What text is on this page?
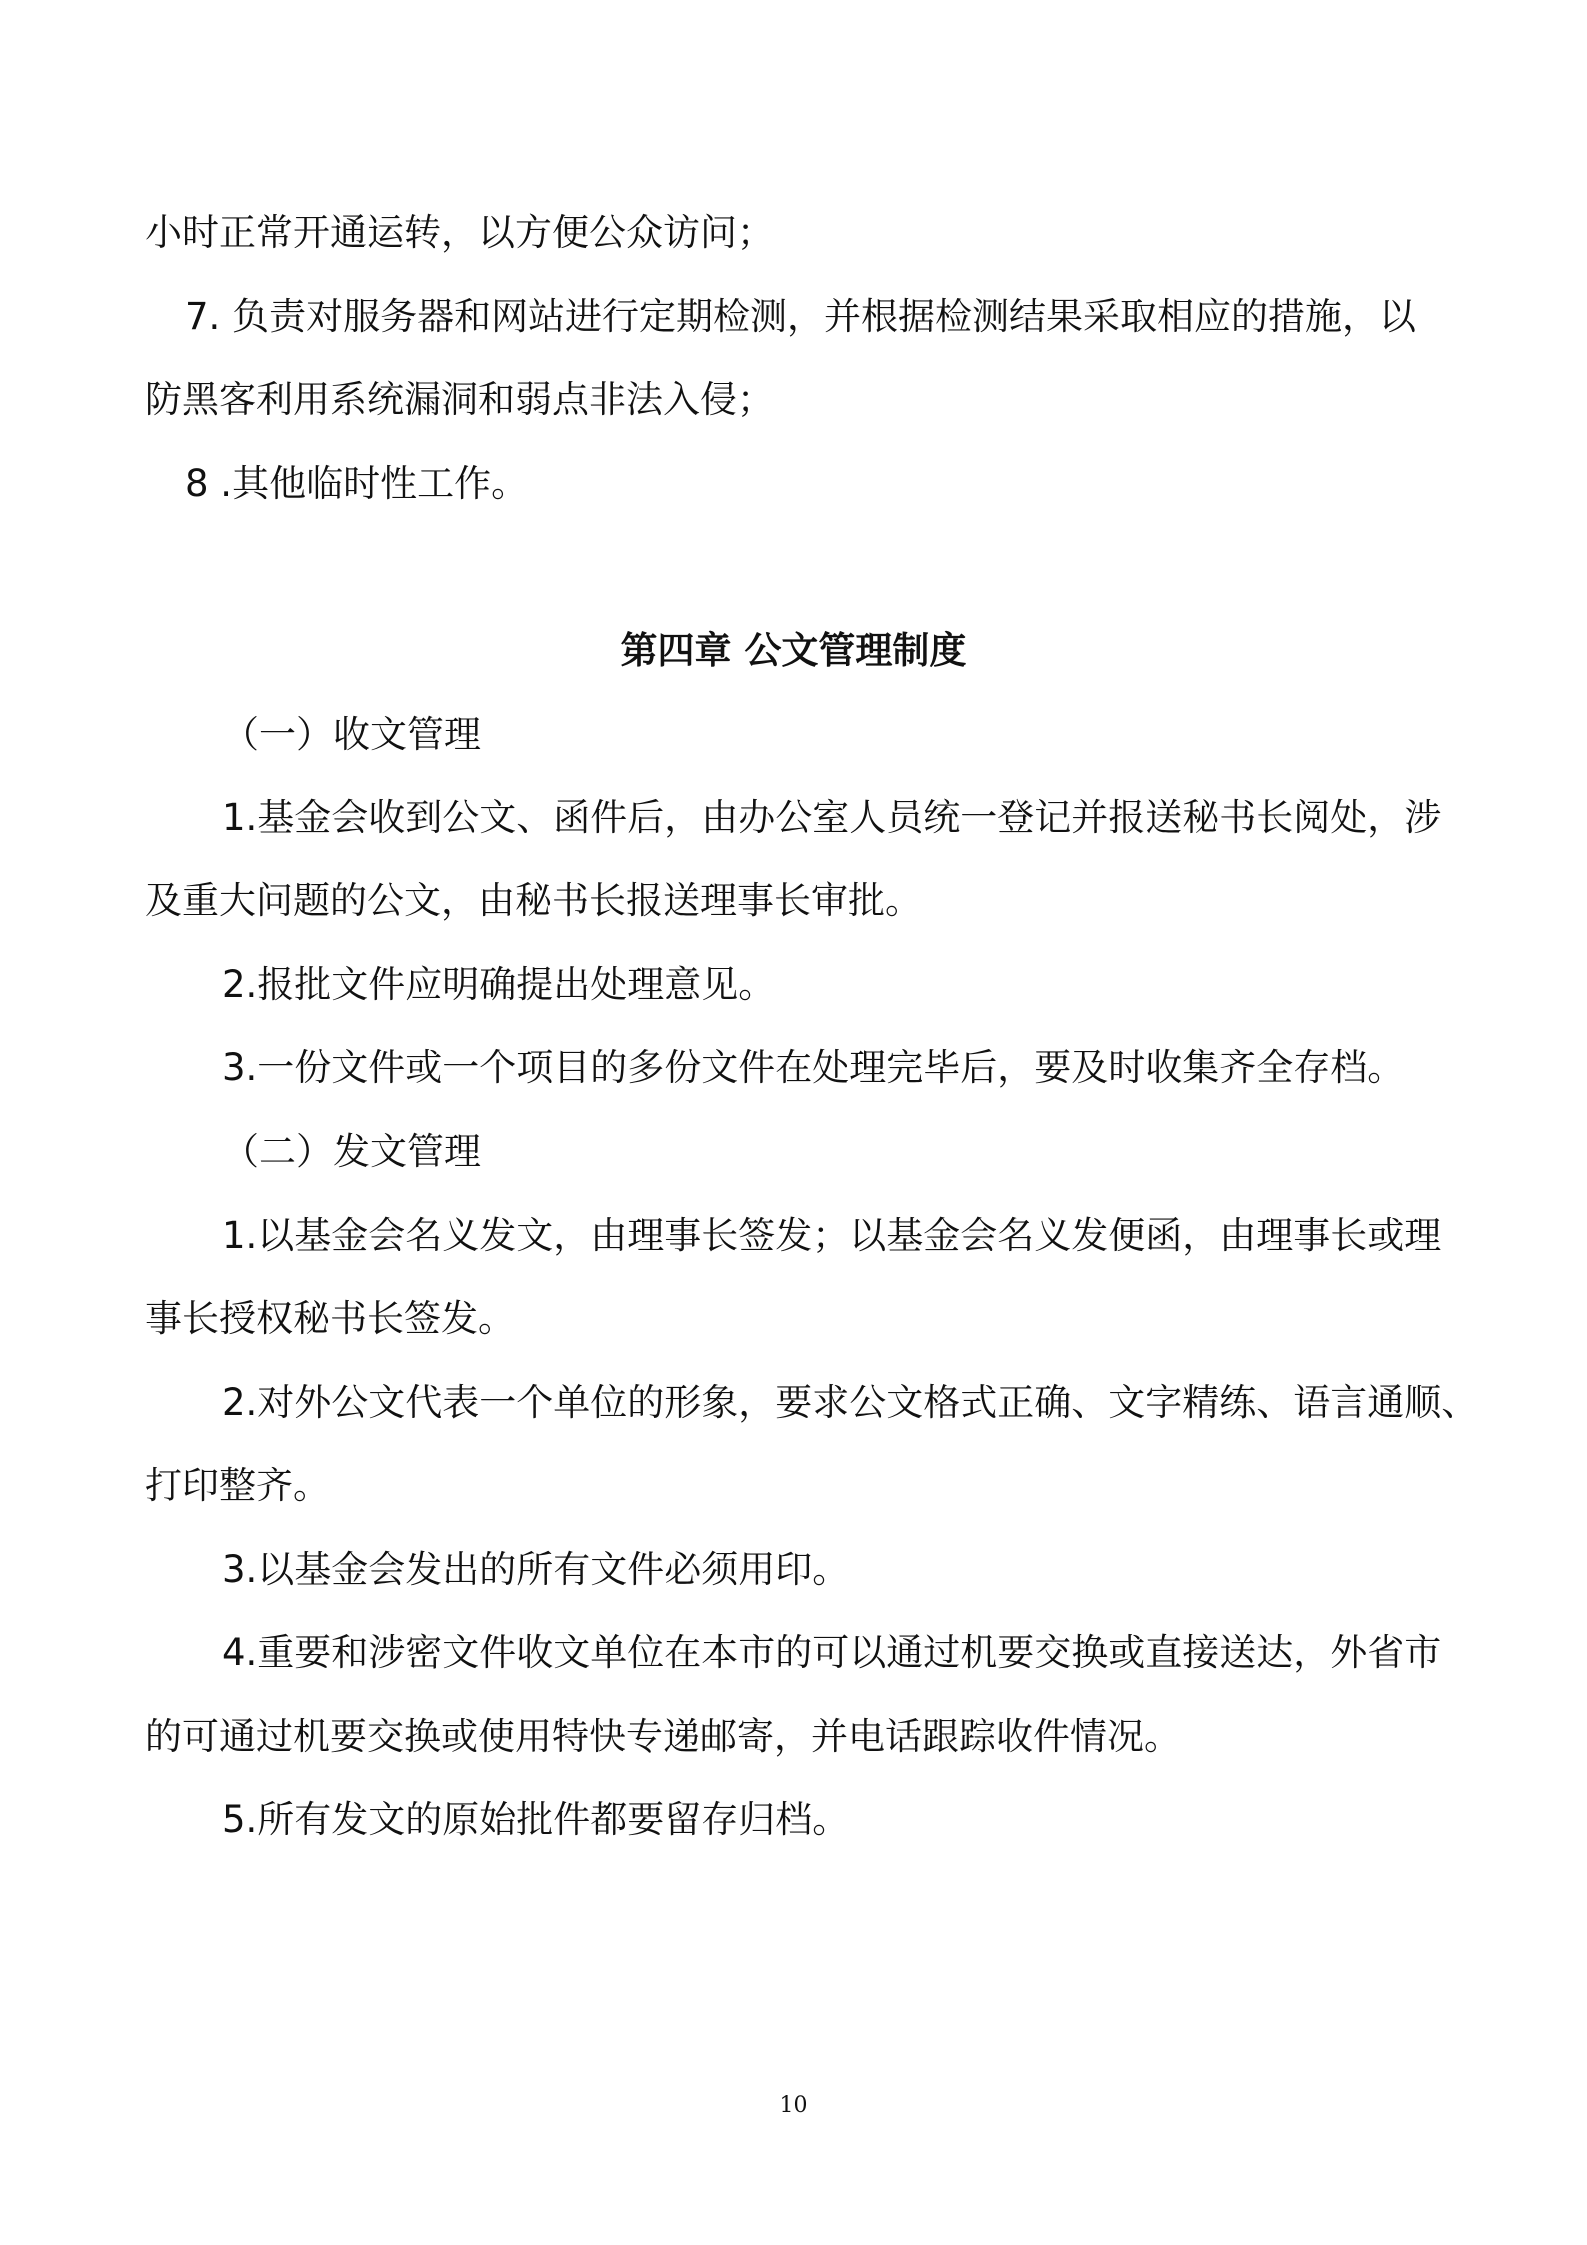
小时正常开通运转，以方便公众访问；
7. 负责对服务器和网站进行定期检测，并根据检测结果采取相应的措施，以
防黑客利用系统漏洞和弱点非法入侵；
8 .其他临时性工作。
第四章 公文管理制度
（一）收文管理
1.基金会收到公文、函件后，由办公室人员统一登记并报送秘书长阅处，涉
及重大问题的公文，由秘书长报送理事长审批。
2.报批文件应明确提出处理意见。
3.一份文件或一个项目的多份文件在处理完毕后，要及时收集齐全存档。
（二）发文管理
1.以基金会名义发文，由理事长签发；以基金会名义发便函，由理事长或理
事长授权秘书长签发。
2.对外公文代表一个单位的形象，要求公文格式正确、文字精练、语言通顺、
打印整齐。
3.以基金会发出的所有文件必须用印。
4.重要和涉密文件收文单位在本市的可以通过机要交换或直接送达，外省市
的可通过机要交换或使用特快专递邮寄，并电话跟踪收件情况。
5.所有发文的原始批件都要留存归档。
10
